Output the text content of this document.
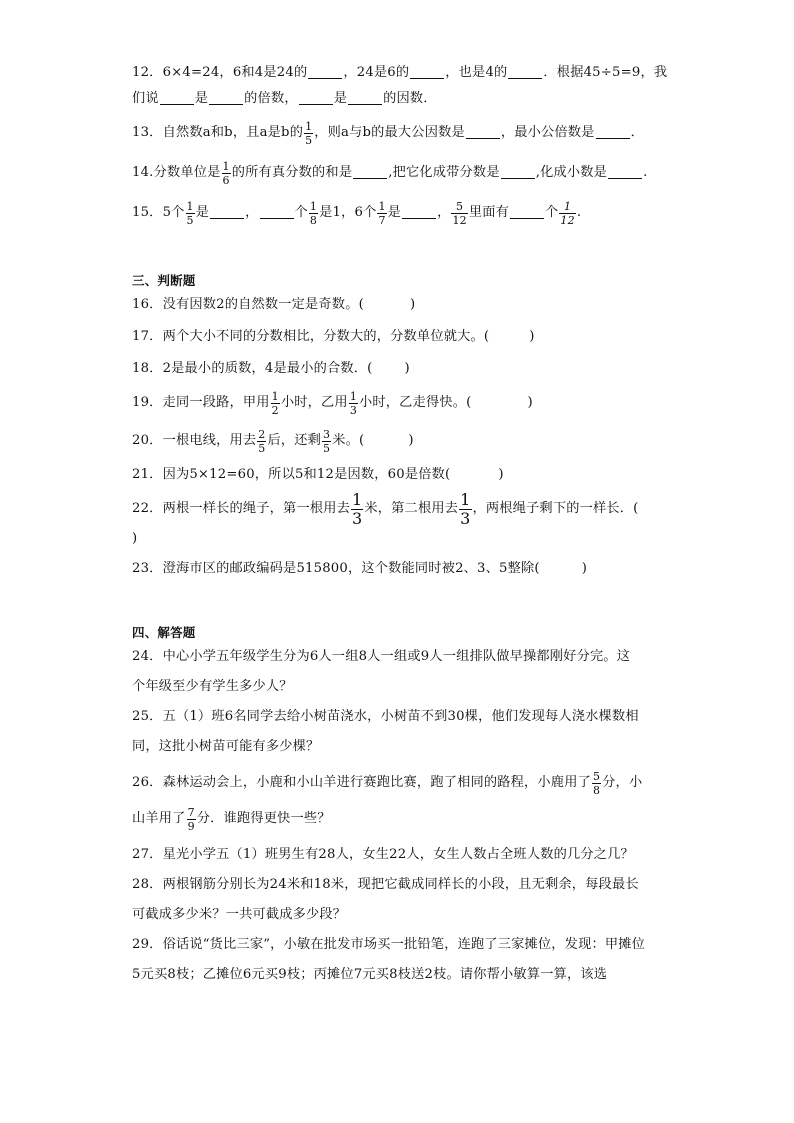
12．6×4=24，6和4是24的	，24是6的	，也是4的	．根据45÷5=9，我
们说	是	的倍数，	是	的因数．
13．自然数a和b，且a是b的 $\frac{1}{5}$ ，则a与b的最大公因数是	，最小公倍数是	．
14.分数单位是 $\frac{1}{6}$ 的所有真分数的和是	,把它化成带分数是	,化成小数是	.
15．5个 $\frac{1}{5}$ 是	，	个 $\frac{1}{8}$ 是1，6个 $\frac{1}{7}$ 是	， $\frac{5}{12}$ 里面有	个 $\frac{1}{12}$ .
三、判断题
16．没有因数2的自然数一定是奇数。(	)
17．两个大小不同的分数相比，分数大的，分数单位就大。(	)
18．2是最小的质数，4是最小的合数．( )
19．走同一段路，甲用 $\frac{1}{2}$ 小时，乙用 $\frac{1}{3}$ 小时，乙走得快。(	)
20．一根电线，用去 $\frac{2}{5}$ 后，还剩 $\frac{3}{5}$ 米。(	)
21．因为5×12=60，所以5和12是因数，60是倍数(	)
22．两根一样长的绳子，第一根用去 $\frac{1}{3}$ 米，第二根用去 $\frac{1}{3}$ ，两根绳子剩下的一样长．(
)
23．澄海市区的邮政编码是515800，这个数能同时被2、3、5整除(	)
四、解答题
24．中心小学五年级学生分为6人一组8人一组或9人一组排队做早操都刚好分完。这
个年级至少有学生多少人？
25．五（1）班6名同学去给小树苗浇水，小树苗不到30棵，他们发现每人浇水棵数相
同，这批小树苗可能有多少棵？
26．森林运动会上，小鹿和小山羊进行赛跑比赛，跑了相同的路程，小鹿用了 $\frac{5}{8}$ 分，小
山羊用了 $\frac{7}{9}$ 分．谁跑得更快一些？
27．星光小学五（1）班男生有28人，女生22人，女生人数占全班人数的几分之几？
28．两根钢筋分别长为24米和18米，现把它截成同样长的小段，且无剩余，每段最长
可截成多少米？一共可截成多少段？
29．俗话说“货比三家”，小敏在批发市场买一批铅笔，连跑了三家摊位，发现：甲摊位
5元买8枝；乙摊位6元买9枝；丙摊位7元买8枝送2枝。请你帮小敏算一算，该选
